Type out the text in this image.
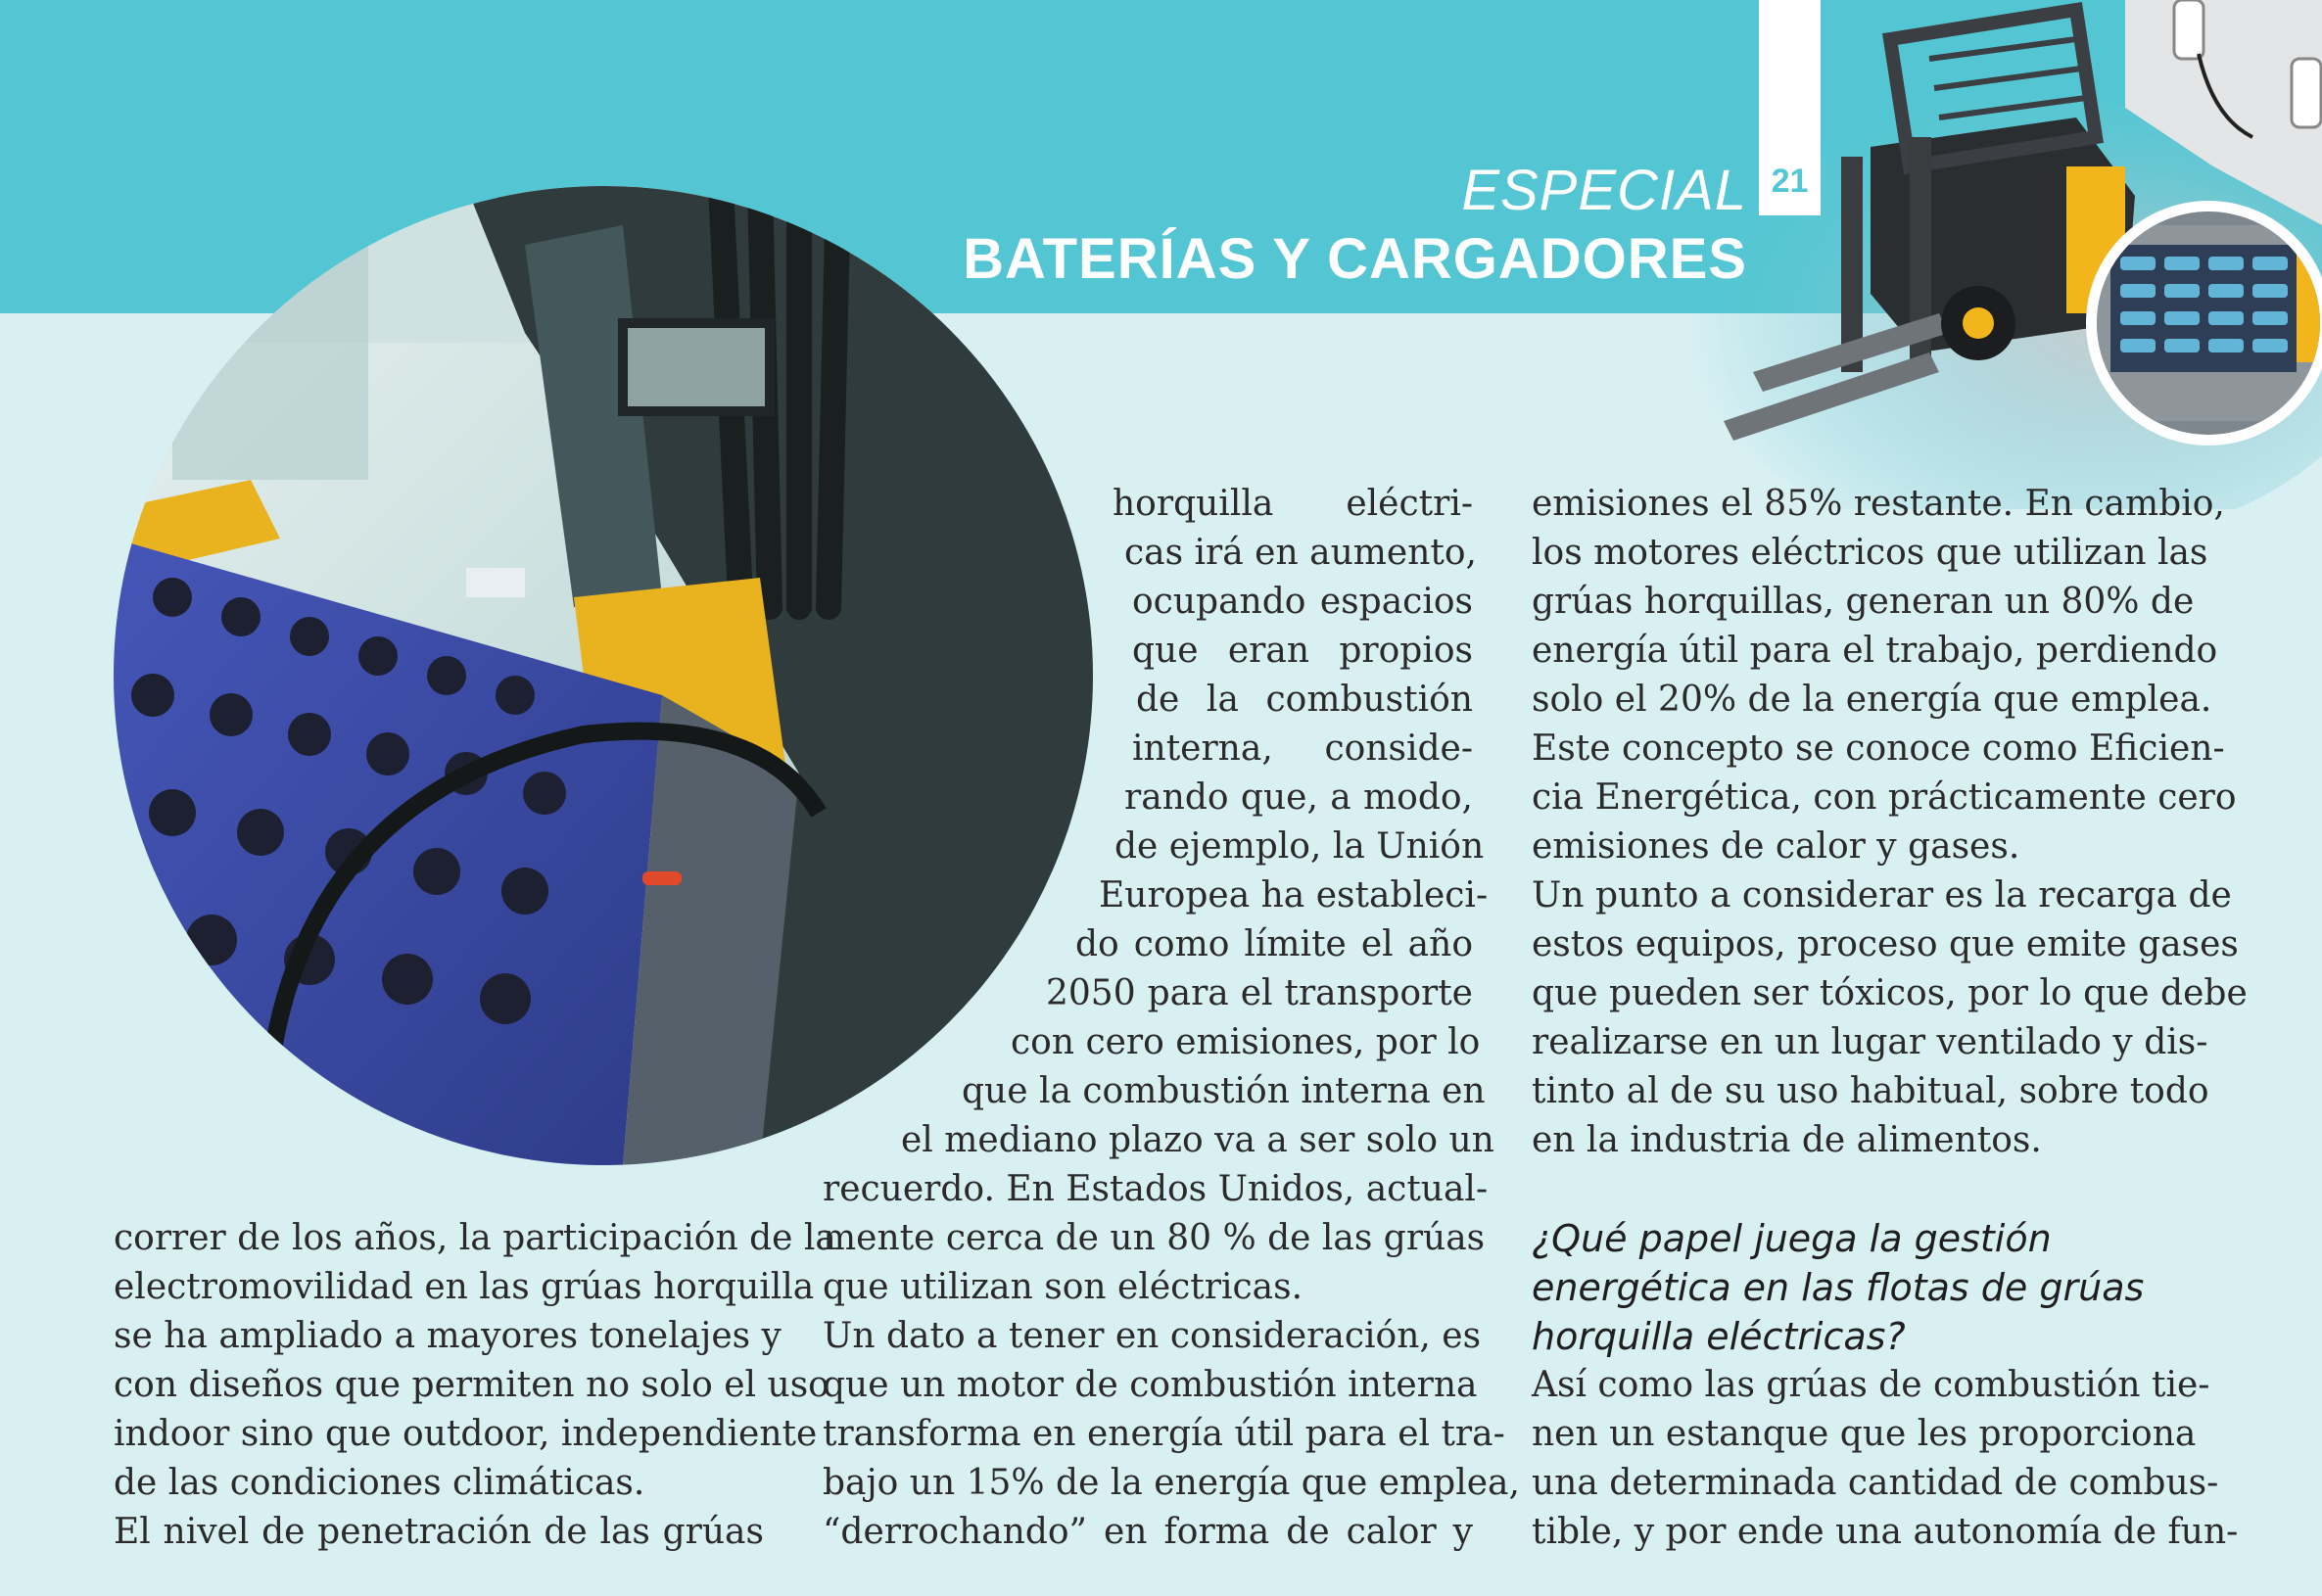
21
ESPECIAL
BATERÍAS Y CARGADORES
correr de los años, la participación de la
electromovilidad en las grúas horquilla
se ha ampliado a mayores tonelajes y
con diseños que permiten no solo el uso
indoor sino que outdoor, independiente
de las condiciones climáticas.
El nivel de penetración de las grúas
horquilla eléctri-
cas irá en aumento,
ocupando espacios
que eran propios
de la combustión
interna, conside-
rando que, a modo,
de ejemplo, la Unión
Europea ha estableci-
do como límite el año
2050 para el transporte
con cero emisiones, por lo
que la combustión interna en
el mediano plazo va a ser solo un
recuerdo. En Estados Unidos, actual-
mente cerca de un 80 % de las grúas
que utilizan son eléctricas.
Un dato a tener en consideración, es
que un motor de combustión interna
transforma en energía útil para el tra-
bajo un 15% de la energía que emplea,
“derrochando” en forma de calor y
emisiones el 85% restante. En cambio,
los motores eléctricos que utilizan las
grúas horquillas, generan un 80% de
energía útil para el trabajo, perdiendo
solo el 20% de la energía que emplea.
Este concepto se conoce como Eficien-
cia Energética, con prácticamente cero
emisiones de calor y gases.
Un punto a considerar es la recarga de
estos equipos, proceso que emite gases
que pueden ser tóxicos, por lo que debe
realizarse en un lugar ventilado y dis-
tinto al de su uso habitual, sobre todo
en la industria de alimentos.
¿Qué papel juega la gestión
energética en las flotas de grúas
horquilla eléctricas?
Así como las grúas de combustión tie-
nen un estanque que les proporciona
una determinada cantidad de combus-
tible, y por ende una autonomía de fun-
